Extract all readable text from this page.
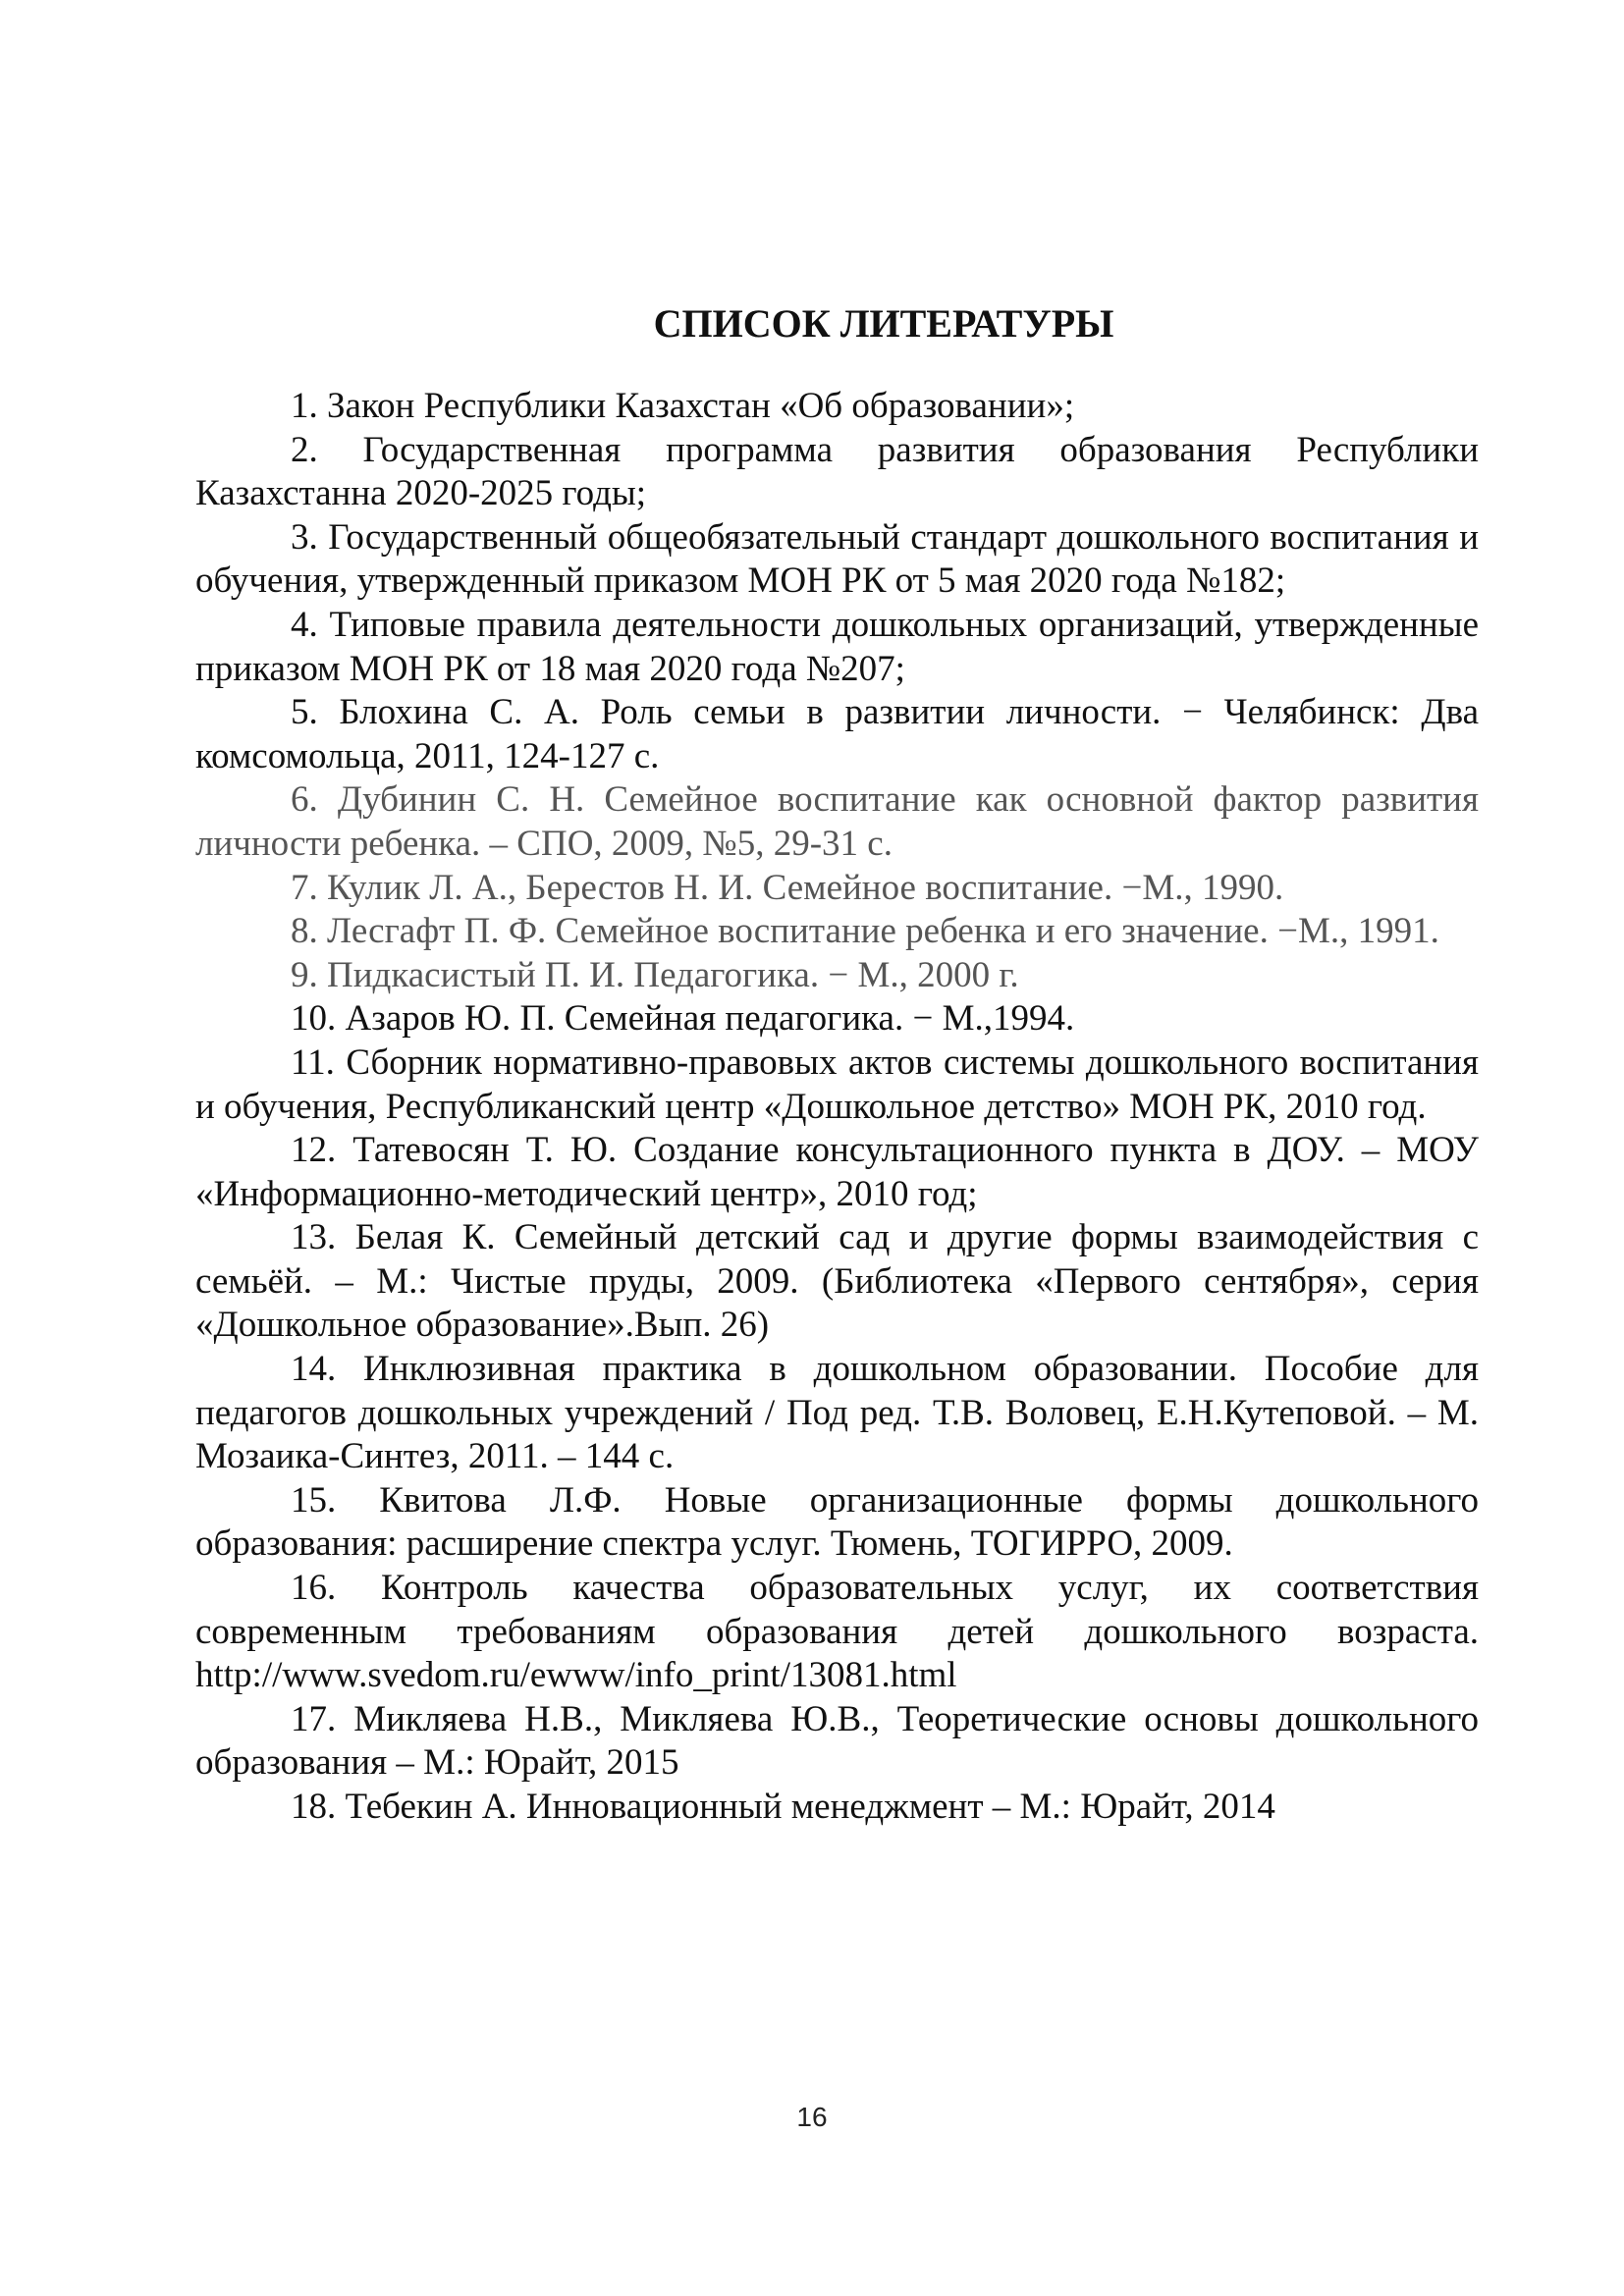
СПИСОК ЛИТЕРАТУРЫ

1. Закон Республики Казахстан «Об образовании»;

2. Государственная программа развития образования Республики Казахстанна 2020-2025 годы;

3. Государственный общеобязательный стандарт дошкольного воспитания и обучения, утвержденный приказом МОН РК от 5 мая 2020 года №182;

4. Типовые правила деятельности дошкольных организаций, утвержденные приказом МОН РК от 18 мая 2020 года №207;

5. Блохина С. А. Роль семьи в развитии личности. − Челябинск: Два комсомольца, 2011, 124-127 с.

6. Дубинин С. Н. Семейное воспитание как основной фактор развития личности ребенка. – СПО, 2009, №5, 29-31 с.

7. Кулик Л. А., Берестов Н. И. Семейное воспитание. −М., 1990.

8. Лесгафт П. Ф. Семейное воспитание ребенка и его значение. −М., 1991.

9. Пидкасистый П. И. Педагогика. − М., 2000 г.

10. Азаров Ю. П. Семейная педагогика. − М.,1994.

11. Сборник нормативно-правовых актов системы дошкольного воспитания и обучения, Республиканский центр «Дошкольное детство» МОН РК, 2010 год.

12. Татевосян Т. Ю. Создание консультационного пункта в ДОУ. – МОУ «Информационно-методический центр», 2010 год;

13. Белая К. Семейный детский сад и другие формы взаимодействия с семьёй. – М.: Чистые пруды, 2009. (Библиотека «Первого сентября», серия «Дошкольное образование».Вып. 26)

14. Инклюзивная практика в дошкольном образовании. Пособие для педагогов дошкольных учреждений / Под ред. Т.В. Воловец, Е.Н.Кутеповой. – М. Мозаика-Синтез, 2011. – 144 с.

15. Квитова Л.Ф. Новые организационные формы дошкольного образования: расширение спектра услуг. Тюмень, ТОГИРРО, 2009.

16. Контроль качества образовательных услуг, их соответствия современным требованиям образования детей дошкольного возраста. http://www.svedom.ru/ewww/info_print/13081.html

17. Микляева Н.В., Микляева Ю.В., Теоретические основы дошкольного образования – М.: Юрайт, 2015

18. Тебекин А. Инновационный менеджмент – М.: Юрайт, 2014

16
